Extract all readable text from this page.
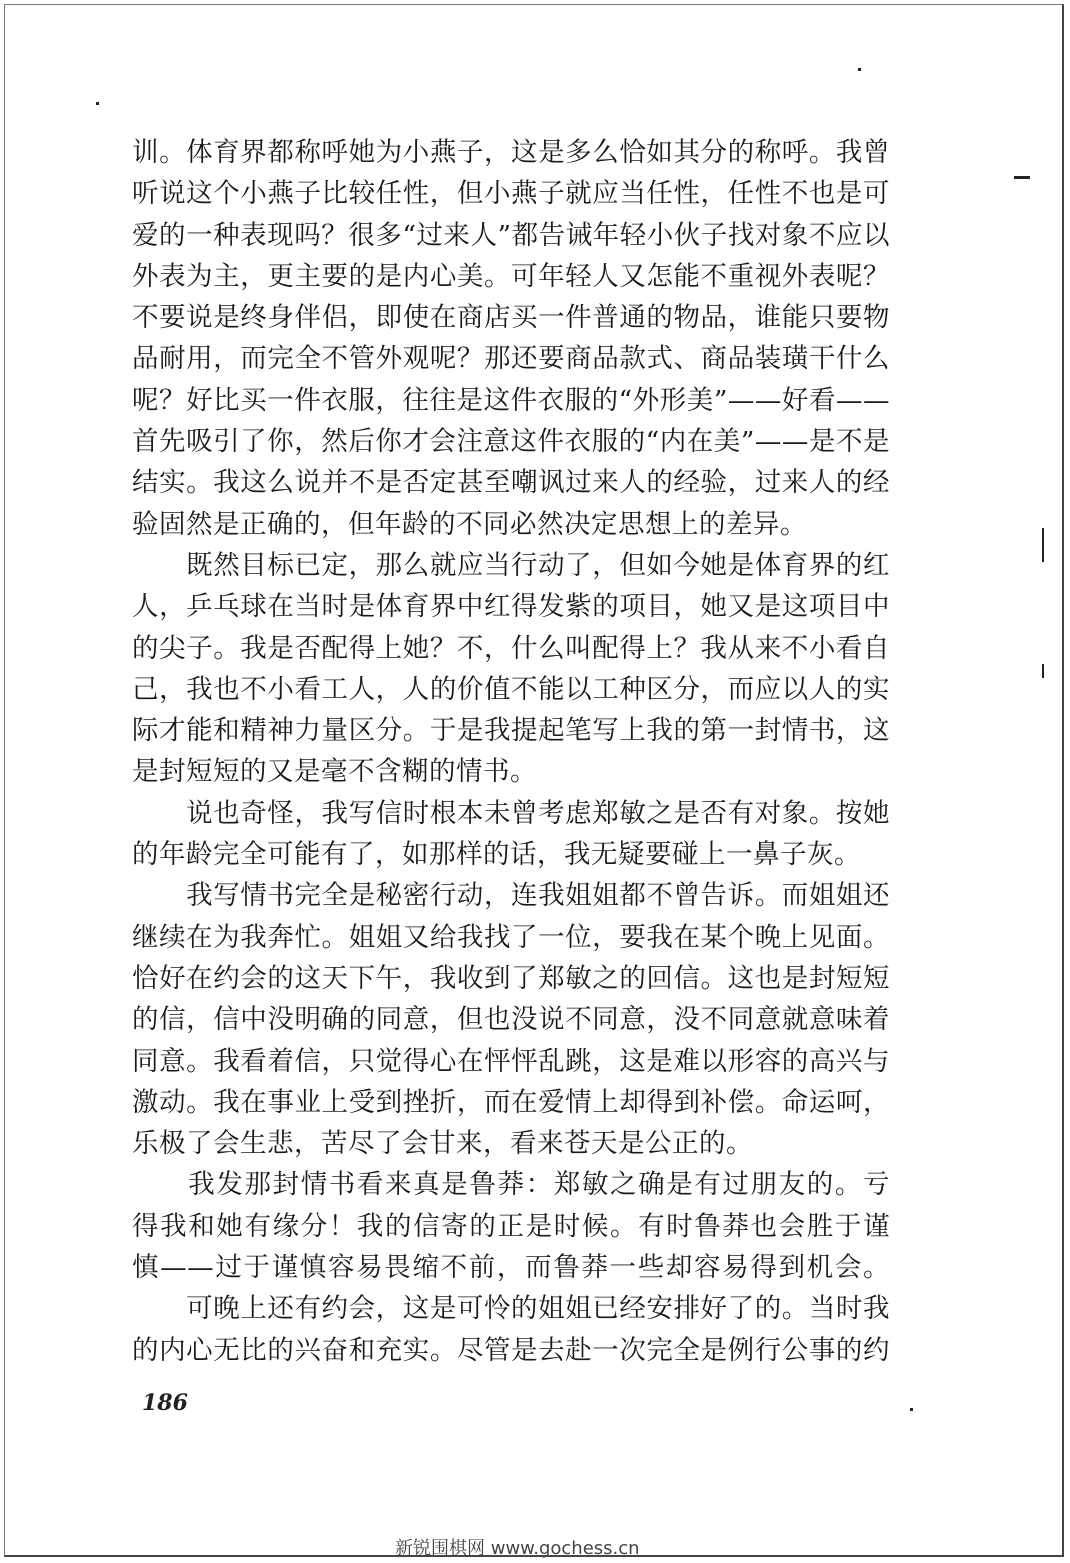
训。体育界都称呼她为小燕子，这是多么恰如其分的称呼。我曾
听说这个小燕子比较任性，但小燕子就应当任性，任性不也是可
爱的一种表现吗？很多“过来人”都告诫年轻小伙子找对象不应以
外表为主，更主要的是内心美。可年轻人又怎能不重视外表呢？
不要说是终身伴侣，即使在商店买一件普通的物品，谁能只要物
品耐用，而完全不管外观呢？那还要商品款式、商品装璜干什么
呢？好比买一件衣服，往往是这件衣服的“外形美”——好看——
首先吸引了你，然后你才会注意这件衣服的“内在美”——是不是
结实。我这么说并不是否定甚至嘲讽过来人的经验，过来人的经
验固然是正确的，但年龄的不同必然决定思想上的差异。
　　既然目标已定，那么就应当行动了，但如今她是体育界的红
人，乒乓球在当时是体育界中红得发紫的项目，她又是这项目中
的尖子。我是否配得上她？不，什么叫配得上？我从来不小看自
己，我也不小看工人，人的价值不能以工种区分，而应以人的实
际才能和精神力量区分。于是我提起笔写上我的第一封情书，这
是封短短的又是毫不含糊的情书。
　　说也奇怪，我写信时根本未曾考虑郑敏之是否有对象。按她
的年龄完全可能有了，如那样的话，我无疑要碰上一鼻子灰。
　　我写情书完全是秘密行动，连我姐姐都不曾告诉。而姐姐还
继续在为我奔忙。姐姐又给我找了一位，要我在某个晚上见面。
恰好在约会的这天下午，我收到了郑敏之的回信。这也是封短短
的信，信中没明确的同意，但也没说不同意，没不同意就意味着
同意。我看着信，只觉得心在怦怦乱跳，这是难以形容的高兴与
激动。我在事业上受到挫折，而在爱情上却得到补偿。命运呵，
乐极了会生悲，苦尽了会甘来，看来苍天是公正的。
　　我发那封情书看来真是鲁莽：郑敏之确是有过朋友的。亏
得我和她有缘分！我的信寄的正是时候。有时鲁莽也会胜于谨
慎——过于谨慎容易畏缩不前，而鲁莽一些却容易得到机会。
　　可晚上还有约会，这是可怜的姐姐已经安排好了的。当时我
的内心无比的兴奋和充实。尽管是去赴一次完全是例行公事的约
186
新锐围棋网 www.gochess.cn
